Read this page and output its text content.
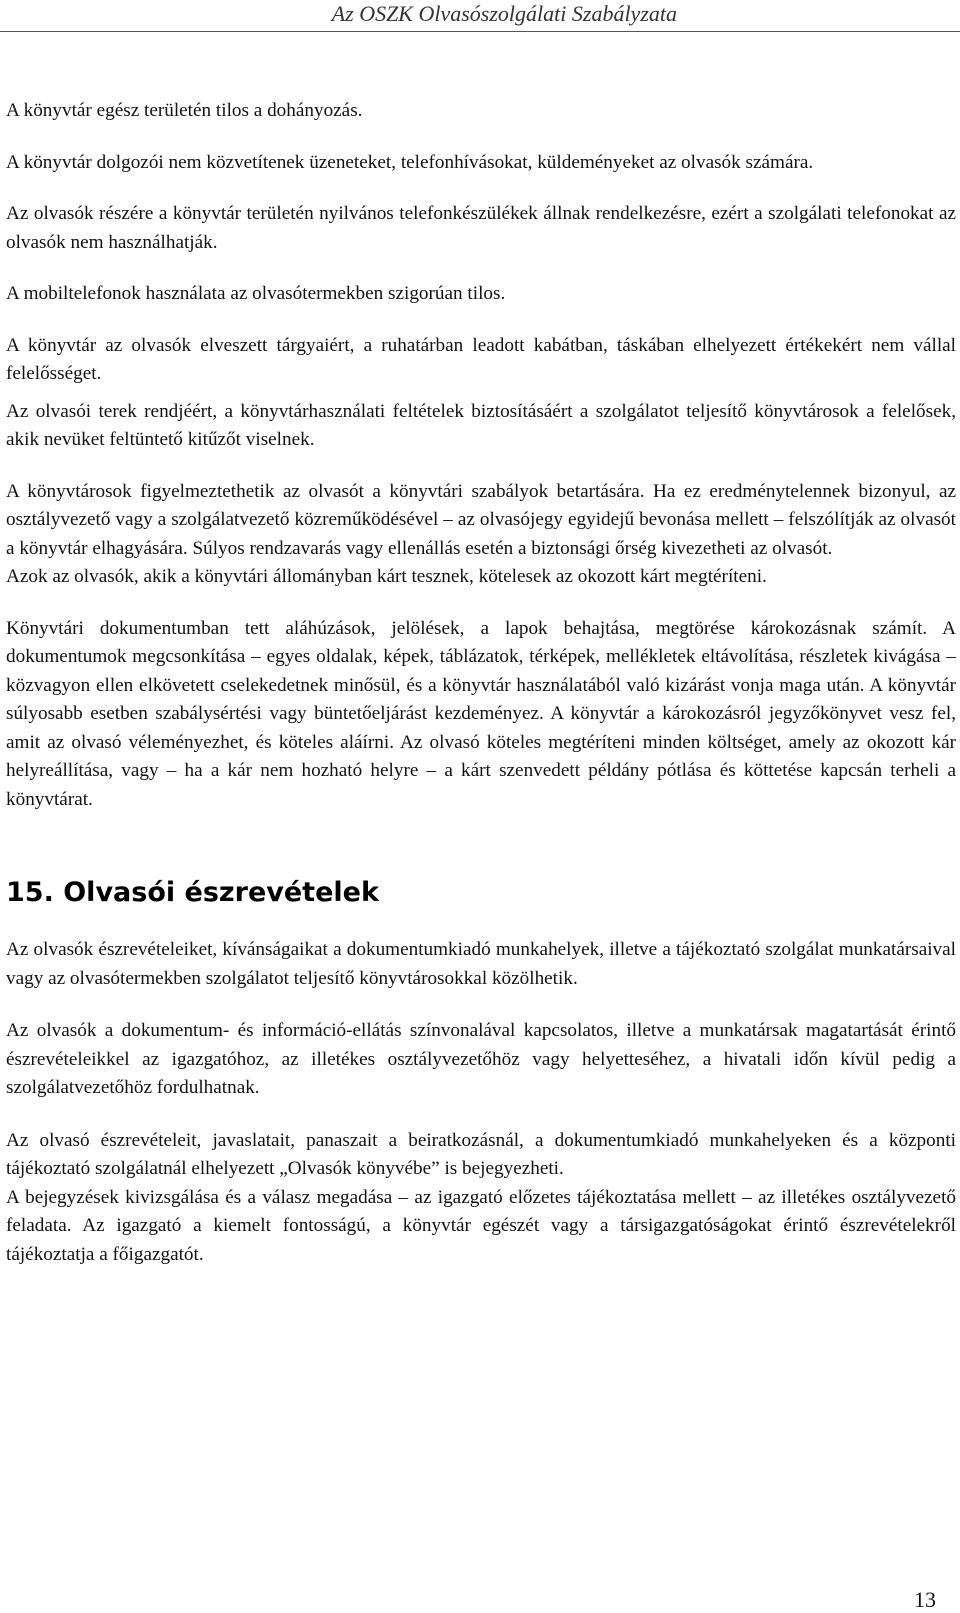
Az OSZK Olvasószolgálati Szabályzata

A könyvtár egész területén tilos a dohányozás.

A könyvtár dolgozói nem közvetítenek üzeneteket, telefonhívásokat, küldeményeket az olvasók számára.

Az olvasók részére a könyvtár területén nyilvános telefonkészülékek állnak rendelkezésre, ezért a szolgálati telefonokat az olvasók nem használhatják.

A mobiltelefonok használata az olvasótermekben szigorúan tilos.

A könyvtár az olvasók elveszett tárgyaiért, a ruhatárban leadott kabátban, táskában elhelyezett értékekért nem vállal felelősséget.

Az olvasói terek rendjéért, a könyvtárhasználati feltételek biztosításáért a szolgálatot teljesítő könyvtárosok a felelősek, akik nevüket feltüntető kitűzőt viselnek.

A könyvtárosok figyelmeztethetik az olvasót a könyvtári szabályok betartására. Ha ez eredménytelennek bizonyul, az osztályvezető vagy a szolgálatvezető közreműködésével – az olvasójegy egyidejű bevonása mellett – felszólítják az olvasót a könyvtár elhagyására. Súlyos rendzavarás vagy ellenállás esetén a biztonsági őrség kivezetheti az olvasót.

Azok az olvasók, akik a könyvtári állományban kárt tesznek, kötelesek az okozott kárt megtéríteni.

Könyvtári dokumentumban tett aláhúzások, jelölések, a lapok behajtása, megtörése károkozásnak számít. A dokumentumok megcsonkítása – egyes oldalak, képek, táblázatok, térképek, mellékletek eltávolítása, részletek kivágása – közvagyon ellen elkövetett cselekedetnek minősül, és a könyvtár használatából való kizárást vonja maga után. A könyvtár súlyosabb esetben szabálysértési vagy büntetőeljárást kezdeményez. A könyvtár a károkozásról jegyzőkönyvet vesz fel, amit az olvasó véleményezhet, és köteles aláírni. Az olvasó köteles megtéríteni minden költséget, amely az okozott kár helyreállítása, vagy – ha a kár nem hozható helyre – a kárt szenvedett példány pótlása és köttetése kapcsán terheli a könyvtárat.

15. Olvasói észrevételek

Az olvasók észrevételeiket, kívánságaikat a dokumentumkiadó munkahelyek, illetve a tájékoztató szolgálat munkatársaival vagy az olvasótermekben szolgálatot teljesítő könyvtárosokkal közölhetik.

Az olvasók a dokumentum- és információ-ellátás színvonalával kapcsolatos, illetve a munkatársak magatartását érintő észrevételeikkel az igazgatóhoz, az illetékes osztályvezetőhöz vagy helyetteséhez, a hivatali időn kívül pedig a szolgálatvezetőhöz fordulhatnak.

Az olvasó észrevételeit, javaslatait, panaszait a beiratkozásnál, a dokumentumkiadó munkahelyeken és a központi tájékoztató szolgálatnál elhelyezett „Olvasók könyvébe” is bejegyezheti.

A bejegyzések kivizsgálása és a válasz megadása – az igazgató előzetes tájékoztatása mellett – az illetékes osztályvezető feladata. Az igazgató a kiemelt fontosságú, a könyvtár egészét vagy a társigazgatóságokat érintő észrevételekről tájékoztatja a főigazgatót.

13
